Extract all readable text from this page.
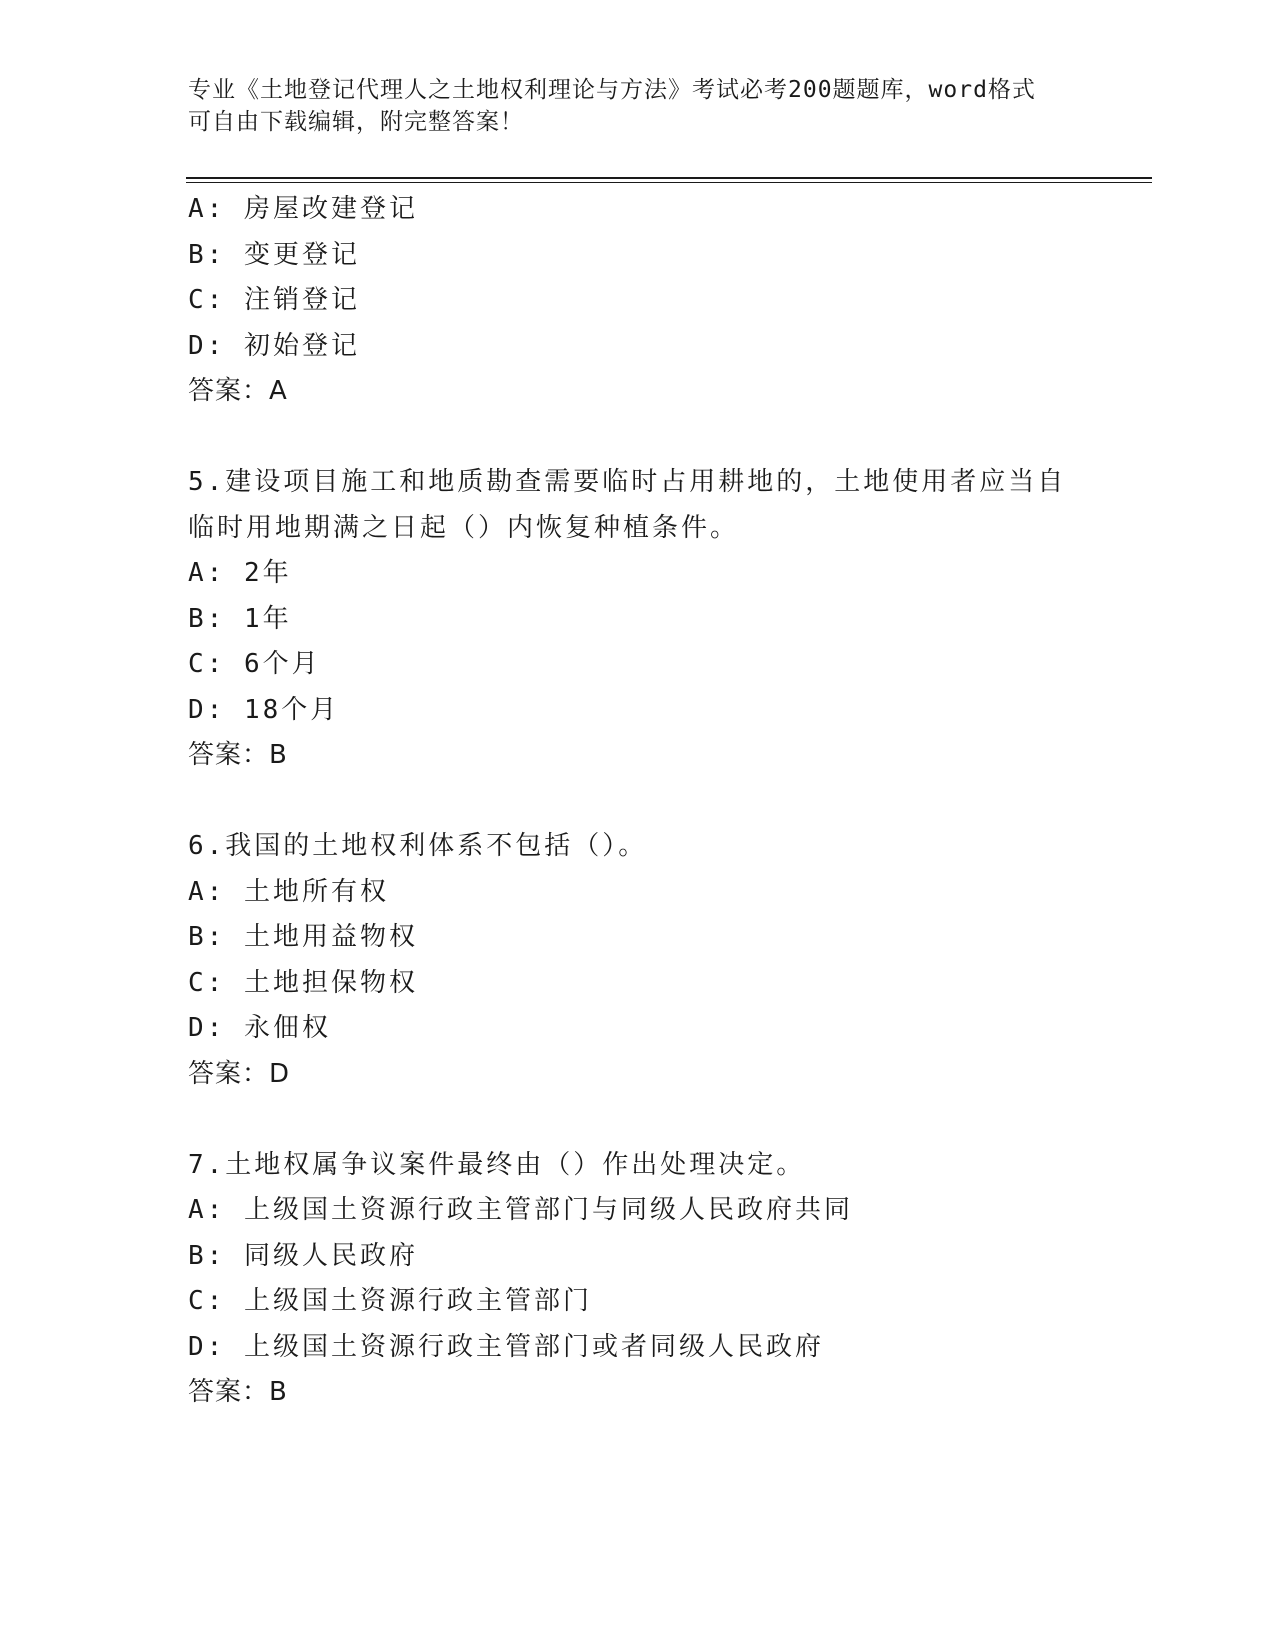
专业《土地登记代理人之土地权利理论与方法》考试必考200题题库，word格式
可自由下载编辑，附完整答案！
A: 房屋改建登记
B: 变更登记
C: 注销登记
D: 初始登记
答案：A
5.建设项目施工和地质勘查需要临时占用耕地的，土地使用者应当自
临时用地期满之日起（）内恢复种植条件。
A: 2年
B: 1年
C: 6个月
D: 18个月
答案：B
6.我国的土地权利体系不包括（）。
A: 土地所有权
B: 土地用益物权
C: 土地担保物权
D: 永佃权
答案：D
7.土地权属争议案件最终由（）作出处理决定。
A: 上级国土资源行政主管部门与同级人民政府共同
B: 同级人民政府
C: 上级国土资源行政主管部门
D: 上级国土资源行政主管部门或者同级人民政府
答案：B
